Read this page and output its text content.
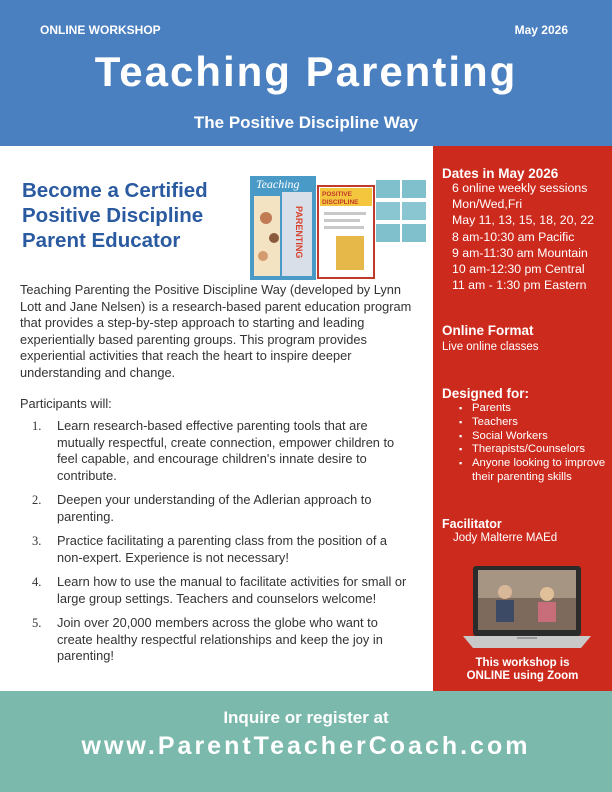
ONLINE WORKSHOP	May 2026
Teaching Parenting
The Positive Discipline Way
Become a Certified
Positive Discipline
Parent Educator
Teaching
PARENTING
POSITIVE
DISCIPLINE

Teaching Parenting the Positive Discipline Way (developed by Lynn Lott and Jane Nelsen) is a research-based parent education program that provides a step-by-step approach to starting and leading experientially based parenting groups. This program provides experiential activities that reach the heart to inspire deeper understanding and change.

Participants will:

1. Learn research-based effective parenting tools that are mutually respectful, create connection, empower children to feel capable, and encourage children's innate desire to contribute.
2. Deepen your understanding of the Adlerian approach to parenting.
3. Practice facilitating a parenting class from the position of a non-expert. Experience is not necessary!
4. Learn how to use the manual to facilitate activities for small or large group settings. Teachers and counselors welcome!
5. Join over 20,000 members across the globe who want to create healthy respectful relationships and keep the joy in parenting!

Dates in May 2026

6 online weekly sessions
Mon/Wed,Fri
May 11, 13, 15, 18, 20, 22
8 am-10:30 am Pacific
9 am-11:30 am Mountain
10 am-12:30 pm Central
11 am - 1:30 pm Eastern

Online Format

Live online classes

Designed for:

▪ Parents
▪ Teachers
▪ Social Workers
▪ Therapists/Counselors
▪ Anyone looking to improve their parenting skills

Facilitator

Jody Malterre MAEd

This workshop is
ONLINE using Zoom
Inquire or register at
www.ParentTeacherCoach.com
